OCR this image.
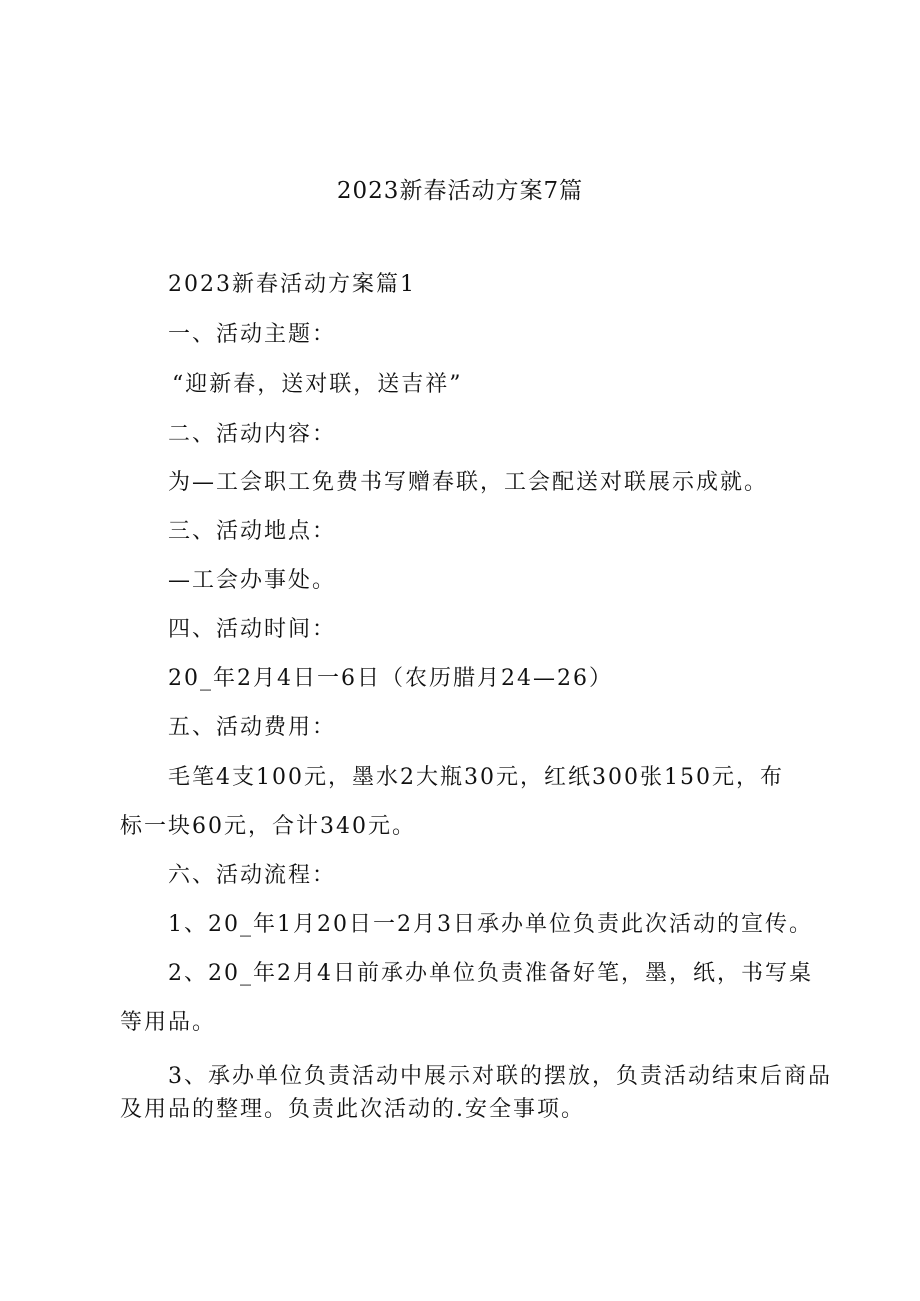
2023新春活动方案7篇
2023新春活动方案篇1
一、活动主题：
“迎新春，送对联，送吉祥”
二、活动内容：
为—工会职工免费书写赠春联，工会配送对联展示成就。
三、活动地点：
—工会办事处。
四、活动时间：
20_年2月4日一6日（农历腊月24—26）
五、活动费用：
毛笔4支100元，墨水2大瓶30元，红纸300张150元，布
标一块60元，合计340元。
六、活动流程：
1、20_年1月20日一2月3日承办单位负责此次活动的宣传。
2、20_年2月4日前承办单位负责准备好笔，墨，纸，书写桌
等用品。
3、承办单位负责活动中展示对联的摆放，负责活动结束后商品
及用品的整理。负责此次活动的.安全事项。
